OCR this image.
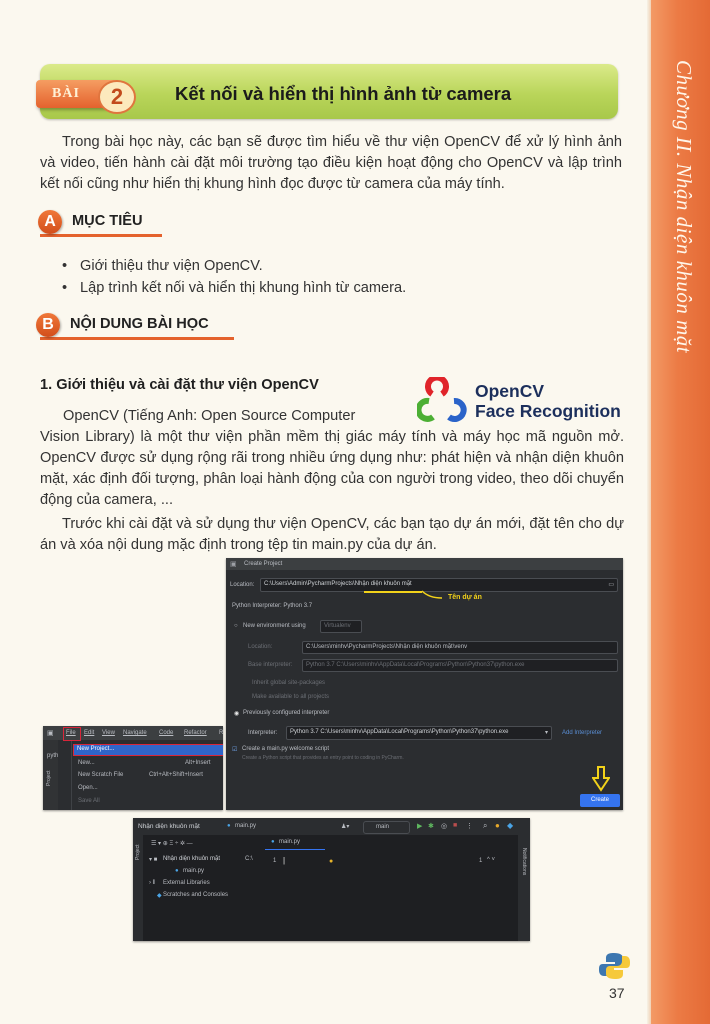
Chương II. Nhận diện khuôn mặt
BÀI	2	Kết nối và hiển thị hình ảnh từ camera
Trong bài học này, các bạn sẽ được tìm hiểu về thư viện OpenCV để xử lý hình ảnh và video, tiến hành cài đặt môi trường tạo điều kiện hoạt động cho OpenCV và lập trình kết nối cũng như hiển thị khung hình đọc được từ camera của máy tính.
A	MỤC TIÊU
• Giới thiệu thư viện OpenCV.
• Lập trình kết nối và hiển thị khung hình từ camera.
B	NỘI DUNG BÀI HỌC
1. Giới thiệu và cài đặt thư viện OpenCV	OpenCV
Face Recognition
OpenCV (Tiếng Anh: Open Source Computer
Vision Library) là một thư viện phần mềm thị giác máy tính và máy học mã nguồn mở. OpenCV được sử dụng rộng rãi trong nhiều ứng dụng như: phát hiện và nhận diện khuôn mặt, xác định đối tượng, phân loại hành động của con người trong video, theo dõi chuyển động của camera, ...
Trước khi cài đặt và sử dụng thư viện OpenCV, các bạn tạo dự án mới, đặt tên cho dự án và xóa nội dung mặc định trong tệp tin main.py của dự án.
▣ Create Project
Location: C:\Users\Admin\PycharmProjects\Nhận diện khuôn mặt	▭
Tên dự án
Python Interpreter: Python 3.7
○ New environment using	Virtualenv
Location:	C:\Users\minhv\PycharmProjects\Nhận diện khuôn mặt\venv
Base interpreter: Python 3.7 C:\Users\minhv\AppData\Local\Programs\Python\Python37\python.exe
Inherit global site-packages
Make available to all projects
◉ Previously configured interpreter
Interpreter: Python 3.7 C:\Users\minhv\AppData\Local\Programs\Python\Python37\python.exe	▾ Add Interpreter
☑ Create a main.py welcome script
Create a Python script that provides an entry point to coding in PyCharm.
Create
▣ File Edit View Navigate Code Refactor R
Project
pyth
New Project...
New...	Alt+Insert
New Scratch File	Ctrl+Alt+Shift+Insert
Open...
Save All
Nhận diện khuôn mặt	● main.py	♟▾	main	▶ ✱ ◎ ■ ⋮ ⌕ ● ◆
Project
☰ ▾ ⊕ Ξ ÷ ✲ —
▾ ■ Nhận diện khuôn mặt	C:\
● main.py
› ⫴ External Libraries
◆ Scratches and Consoles
● main.py
1 |	●	1 ^ ˅	Notifications
37
